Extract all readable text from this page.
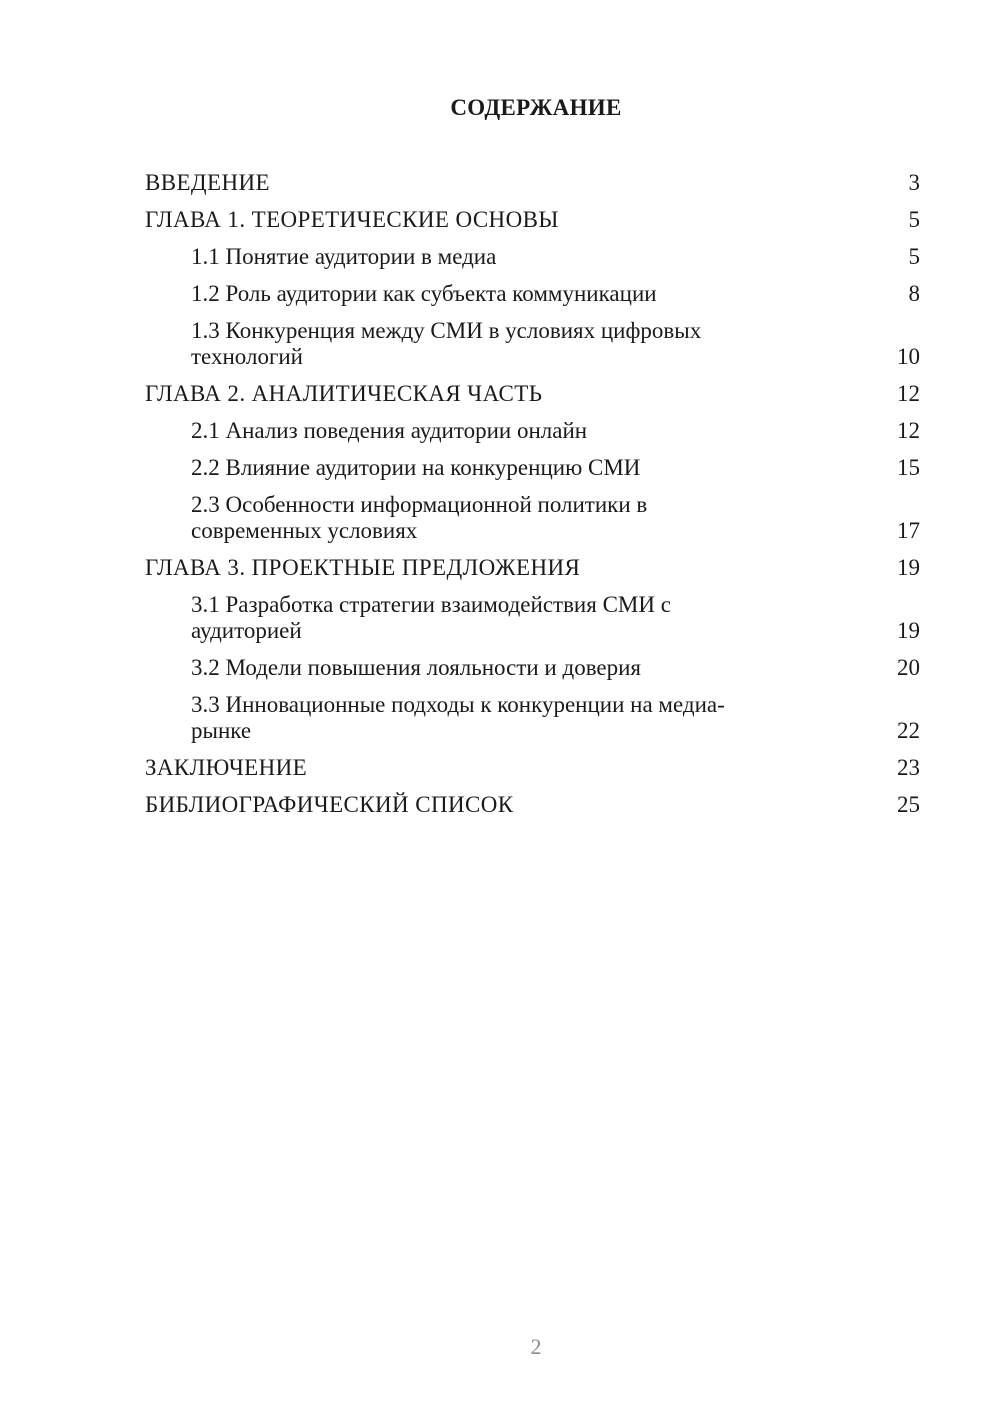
СОДЕРЖАНИЕ
ВВЕДЕНИЕ	3
ГЛАВА 1. ТЕОРЕТИЧЕСКИЕ ОСНОВЫ	5
1.1 Понятие аудитории в медиа	5
1.2 Роль аудитории как субъекта коммуникации	8
1.3 Конкуренция между СМИ в условиях цифровых технологий	10
ГЛАВА 2. АНАЛИТИЧЕСКАЯ ЧАСТЬ	12
2.1 Анализ поведения аудитории онлайн	12
2.2 Влияние аудитории на конкуренцию СМИ	15
2.3 Особенности информационной политики в современных условиях	17
ГЛАВА 3. ПРОЕКТНЫЕ ПРЕДЛОЖЕНИЯ	19
3.1 Разработка стратегии взаимодействия СМИ с аудиторией	19
3.2 Модели повышения лояльности и доверия	20
3.3 Инновационные подходы к конкуренции на медиа-рынке	22
ЗАКЛЮЧЕНИЕ	23
БИБЛИОГРАФИЧЕСКИЙ СПИСОК	25
2
